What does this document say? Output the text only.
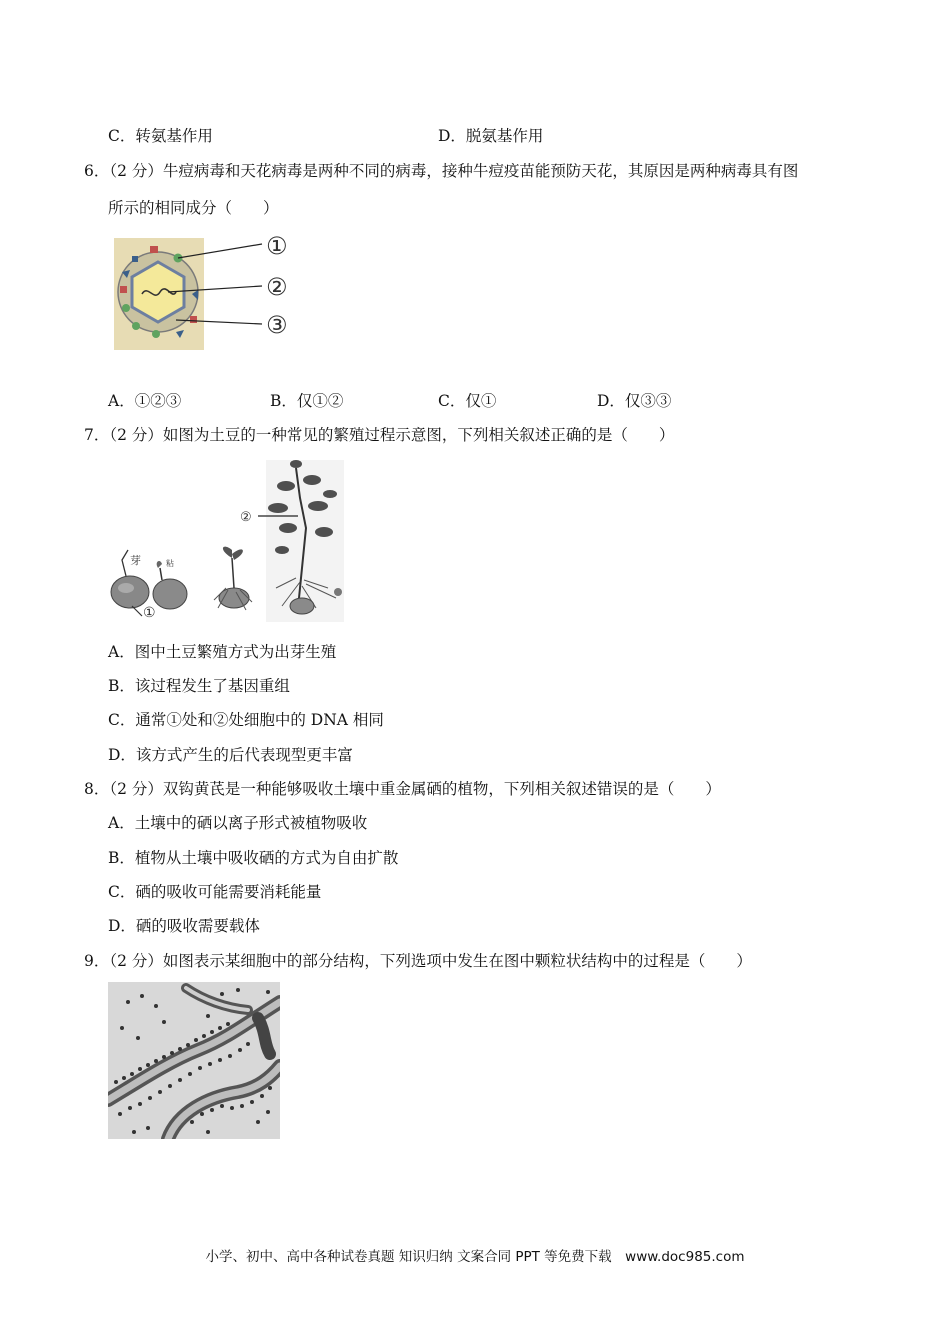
C．转氨基作用	D．脱氨基作用
6．（2 分）牛痘病毒和天花病毒是两种不同的病毒，接种牛痘疫苗能预防天花，其原因是两种病毒具有图
所示的相同成分（　　）
①
②
③
A．①②③	B．仅①②	C．仅①	D．仅③③
7．（2 分）如图为土豆的一种常见的繁殖过程示意图，下列相关叙述正确的是（　　）
芽
①
粘
②
A．图中土豆繁殖方式为出芽生殖
B．该过程发生了基因重组
C．通常①处和②处细胞中的 DNA 相同
D．该方式产生的后代表现型更丰富
8．（2 分）双钩黄芪是一种能够吸收土壤中重金属硒的植物，下列相关叙述错误的是（　　）
A．土壤中的硒以离子形式被植物吸收
B．植物从土壤中吸收硒的方式为自由扩散
C．硒的吸收可能需要消耗能量
D．硒的吸收需要载体
9．（2 分）如图表示某细胞中的部分结构，下列选项中发生在图中颗粒状结构中的过程是（　　）
小学、初中、高中各种试卷真题 知识归纳 文案合同 PPT 等免费下载　www.doc985.com
